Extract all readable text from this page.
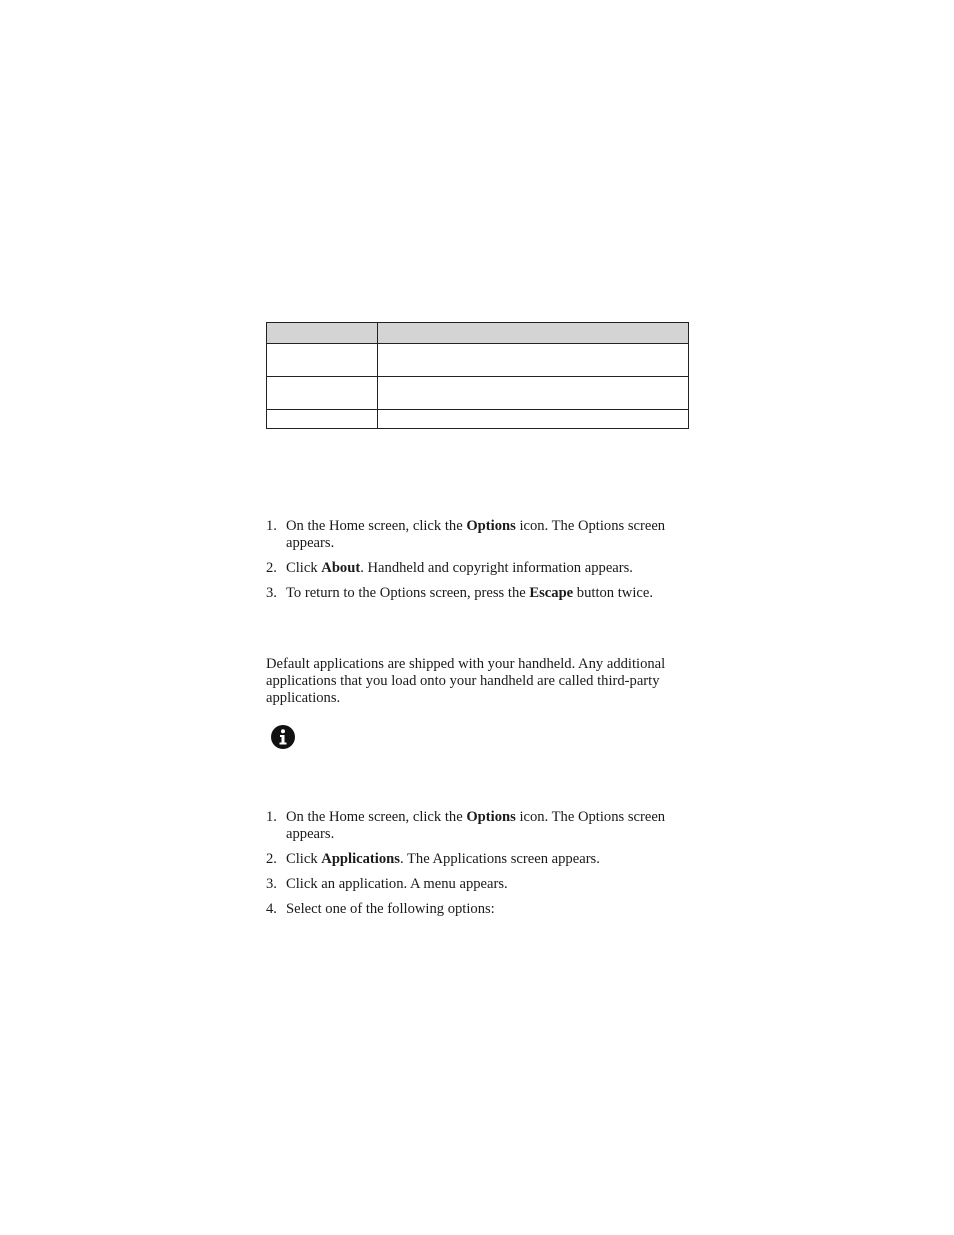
1. On the Home screen, click the Options icon. The Options screen appears.
2. Click About. Handheld and copyright information appears.
3. To return to the Options screen, press the Escape button twice.

Default applications are shipped with your handheld. Any additional applications that you load onto your handheld are called third-party applications.

1. On the Home screen, click the Options icon. The Options screen appears.
2. Click Applications. The Applications screen appears.
3. Click an application. A menu appears.
4. Select one of the following options:
